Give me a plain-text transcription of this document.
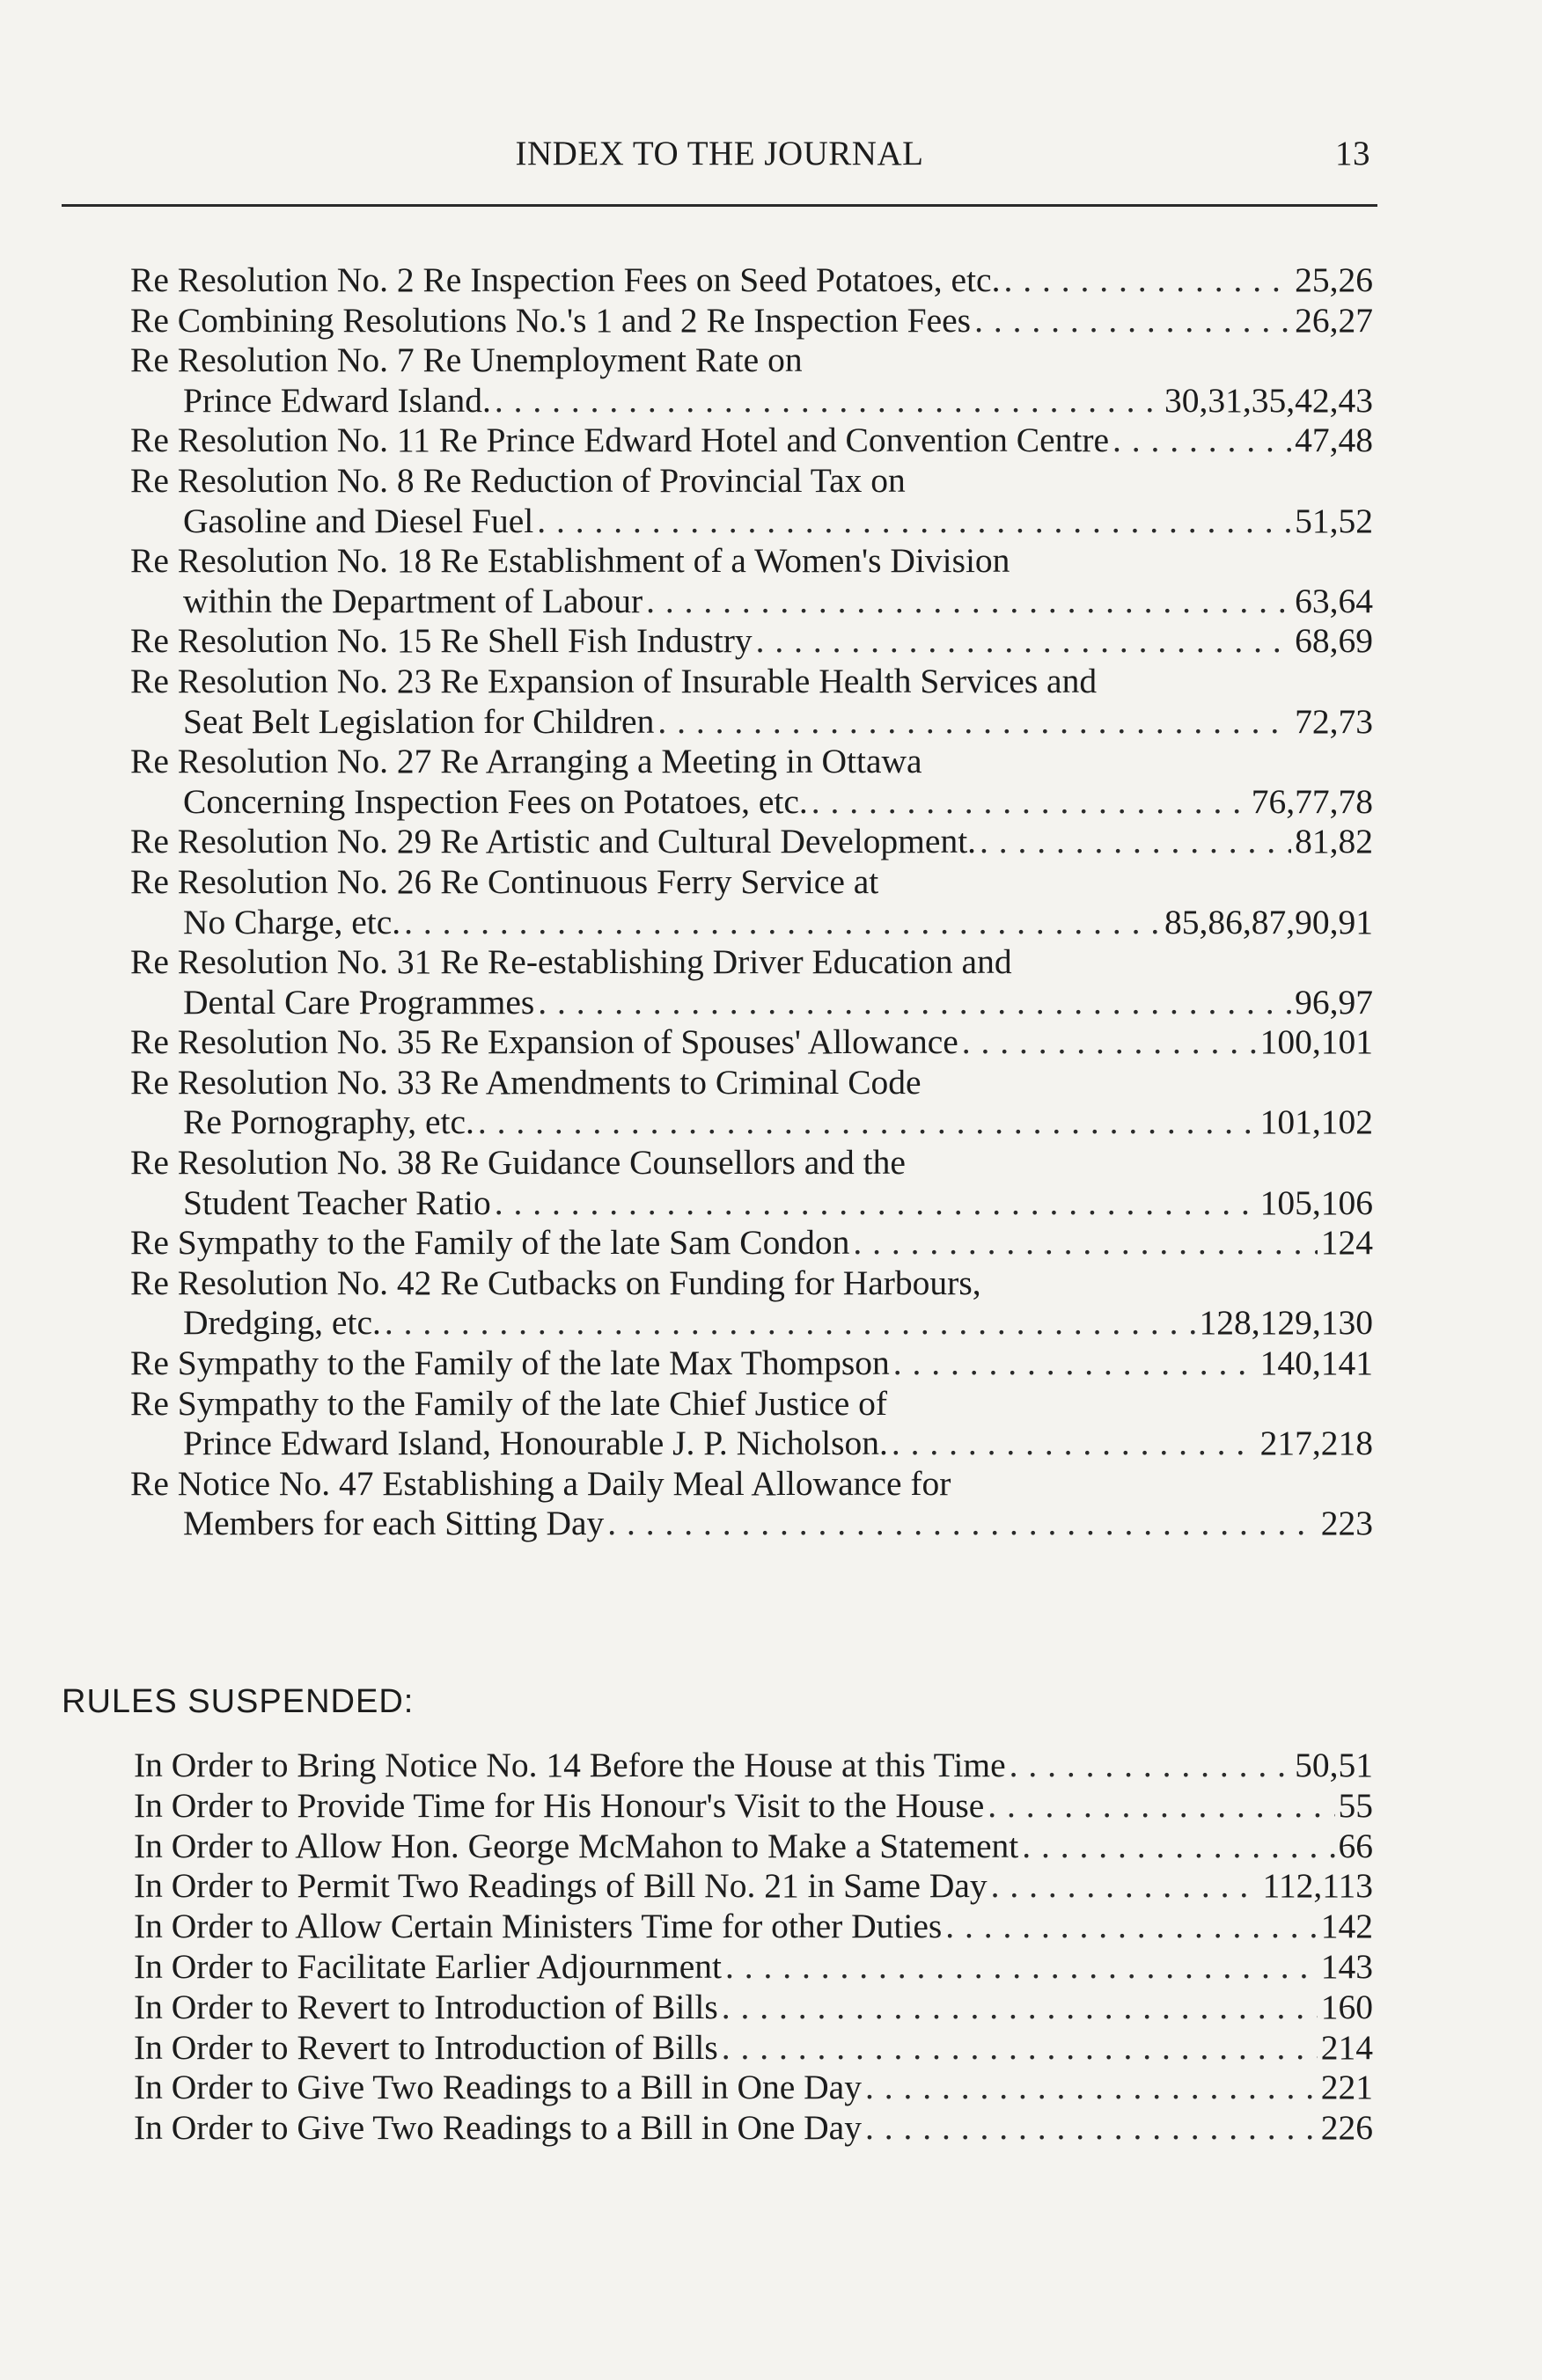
INDEX TO THE JOURNAL	13
Re Resolution No. 2 Re Inspection Fees on Seed Potatoes, etc. . . .	25,26
Re Combining Resolutions No.'s 1 and 2 Re Inspection Fees . . .	26,27
Re Resolution No. 7 Re Unemployment Rate on
Prince Edward Island. . . .	30,31,35,42,43
Re Resolution No. 11 Re Prince Edward Hotel and Convention Centre . . .	47,48
Re Resolution No. 8 Re Reduction of Provincial Tax on
Gasoline and Diesel Fuel . . .	51,52
Re Resolution No. 18 Re Establishment of a Women's Division
within the Department of Labour . . .	63,64
Re Resolution No. 15 Re Shell Fish Industry . . .	68,69
Re Resolution No. 23 Re Expansion of Insurable Health Services and
Seat Belt Legislation for Children . . .	72,73
Re Resolution No. 27 Re Arranging a Meeting in Ottawa
Concerning Inspection Fees on Potatoes, etc. . . .	76,77,78
Re Resolution No. 29 Re Artistic and Cultural Development. . . .	81,82
Re Resolution No. 26 Re Continuous Ferry Service at
No Charge, etc. . . .	85,86,87,90,91
Re Resolution No. 31 Re Re-establishing Driver Education and
Dental Care Programmes . . .	96,97
Re Resolution No. 35 Re Expansion of Spouses' Allowance . . .	100,101
Re Resolution No. 33 Re Amendments to Criminal Code
Re Pornography, etc. . . .	101,102
Re Resolution No. 38 Re Guidance Counsellors and the
Student Teacher Ratio . . .	105,106
Re Sympathy to the Family of the late Sam Condon . . .	124
Re Resolution No. 42 Re Cutbacks on Funding for Harbours,
Dredging, etc. . . .	128,129,130
Re Sympathy to the Family of the late Max Thompson . . .	140,141
Re Sympathy to the Family of the late Chief Justice of
Prince Edward Island, Honourable J. P. Nicholson. . . .	217,218
Re Notice No. 47 Establishing a Daily Meal Allowance for
Members for each Sitting Day . . .	223
RULES SUSPENDED:
In Order to Bring Notice No. 14 Before the House at this Time . . .	50,51
In Order to Provide Time for His Honour's Visit to the House . . .	55
In Order to Allow Hon. George McMahon to Make a Statement . . .	66
In Order to Permit Two Readings of Bill No. 21 in Same Day . . .	112,113
In Order to Allow Certain Ministers Time for other Duties . . .	142
In Order to Facilitate Earlier Adjournment . . .	143
In Order to Revert to Introduction of Bills . . .	160
In Order to Revert to Introduction of Bills . . .	214
In Order to Give Two Readings to a Bill in One Day . . .	221
In Order to Give Two Readings to a Bill in One Day . . .	226
